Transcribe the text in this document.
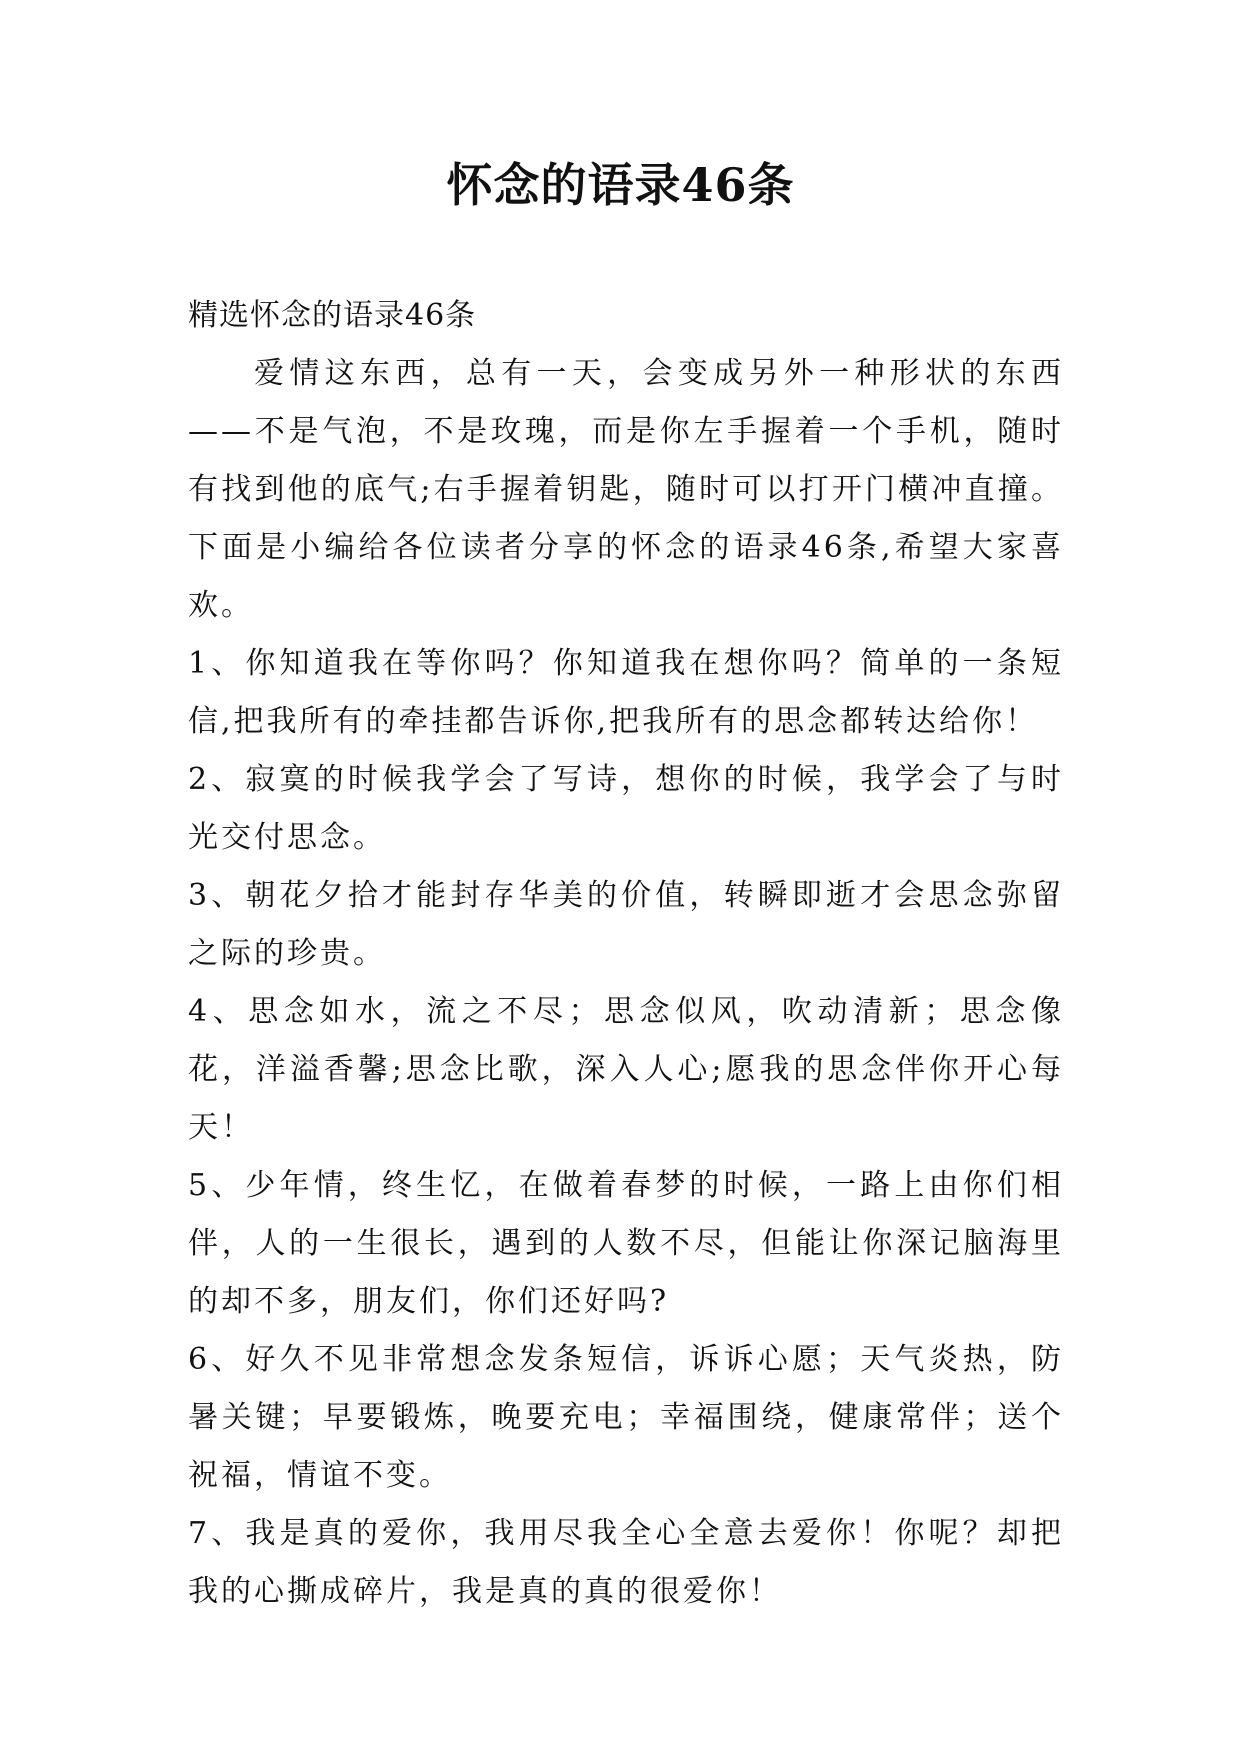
怀念的语录46条

精选怀念的语录46条

爱情这东西，总有一天，会变成另外一种形状的东西——不是气泡，不是玫瑰，而是你左手握着一个手机，随时有找到他的底气;右手握着钥匙，随时可以打开门横冲直撞。下面是小编给各位读者分享的怀念的语录46条,希望大家喜欢。

1、你知道我在等你吗？你知道我在想你吗？简单的一条短信,把我所有的牵挂都告诉你,把我所有的思念都转达给你！

2、寂寞的时候我学会了写诗，想你的时候，我学会了与时光交付思念。

3、朝花夕拾才能封存华美的价值，转瞬即逝才会思念弥留之际的珍贵。

4、思念如水，流之不尽；思念似风，吹动清新；思念像花，洋溢香馨;思念比歌，深入人心;愿我的思念伴你开心每天！

5、少年情，终生忆，在做着春梦的时候，一路上由你们相伴，人的一生很长，遇到的人数不尽，但能让你深记脑海里的却不多，朋友们，你们还好吗?

6、好久不见非常想念发条短信，诉诉心愿；天气炎热，防暑关键；早要锻炼，晚要充电；幸福围绕，健康常伴；送个祝福，情谊不变。

7、我是真的爱你，我用尽我全心全意去爱你！你呢？却把我的心撕成碎片，我是真的真的很爱你！
